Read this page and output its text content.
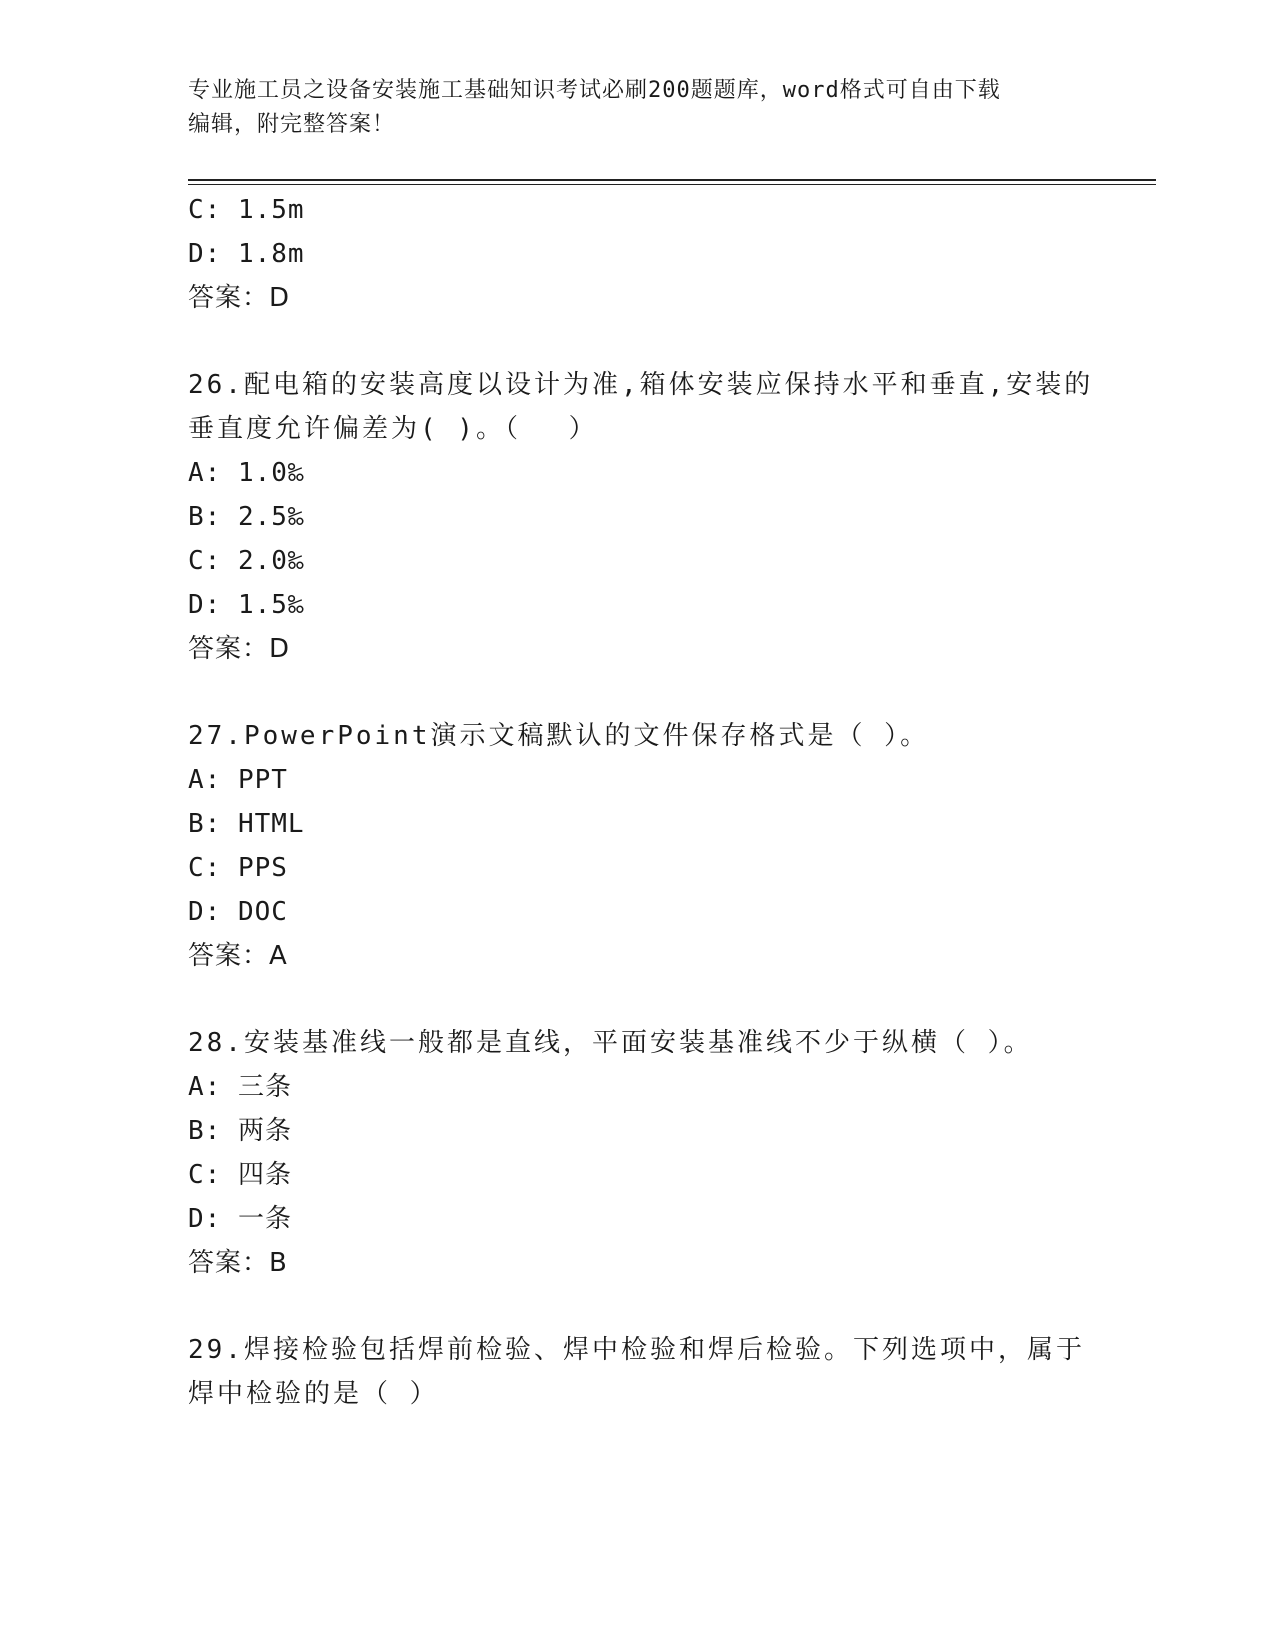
专业施工员之设备安装施工基础知识考试必刷200题题库，word格式可自由下载
编辑，附完整答案！
C: 1.5m
D: 1.8m
答案：D
26.配电箱的安装高度以设计为准,箱体安装应保持水平和垂直,安装的
垂直度允许偏差为( )。（　 ）
A: 1.0‰
B: 2.5‰
C: 2.0‰
D: 1.5‰
答案：D
27.PowerPoint演示文稿默认的文件保存格式是（ ）。
A: PPT
B: HTML
C: PPS
D: DOC
答案：A
28.安装基准线一般都是直线，平面安装基准线不少于纵横（ ）。
A: 三条
B: 两条
C: 四条
D: 一条
答案：B
29.焊接检验包括焊前检验、焊中检验和焊后检验。下列选项中，属于
焊中检验的是（ ）
